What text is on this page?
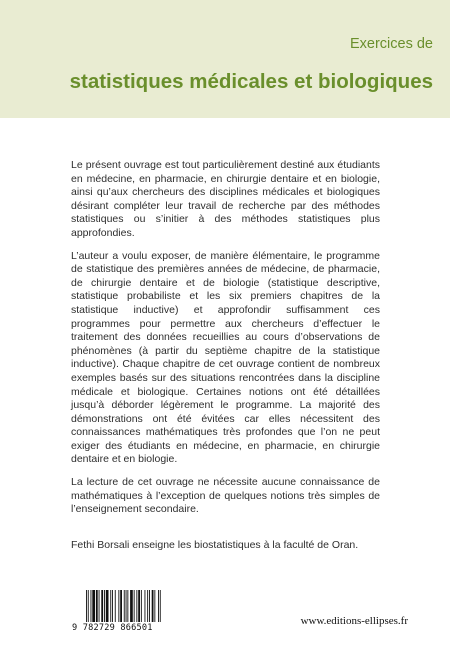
Exercices de
statistiques médicales et biologiques

Le présent ouvrage est tout particulièrement destiné aux étudiants en médecine, en pharmacie, en chirurgie dentaire et en biologie, ainsi qu’aux chercheurs des disciplines médicales et biologiques désirant compléter leur travail de recherche par des méthodes statistiques ou s’initier à des méthodes statistiques plus approfondies.

L’auteur a voulu exposer, de manière élémentaire, le programme de statistique des premières années de médecine, de pharmacie, de chirurgie dentaire et de biologie (statistique descriptive, statistique probabiliste et les six premiers chapitres de la statistique inductive) et approfondir suffisamment ces programmes pour permettre aux chercheurs d’effectuer le traitement des données recueillies au cours d’observations de phénomènes (à partir du septième chapitre de la statistique inductive). Chaque chapitre de cet ouvrage contient de nombreux exemples basés sur des situations rencontrées dans la discipline médicale et biologique. Certaines notions ont été détaillées jusqu’à déborder légèrement le programme. La majorité des démonstrations ont été évitées car elles nécessitent des connaissances mathématiques très profondes que l’on ne peut exiger des étudiants en médecine, en pharmacie, en chirurgie dentaire et en biologie.

La lecture de cet ouvrage ne nécessite aucune connaissance de mathématiques à l’exception de quelques notions très simples de l’enseignement secondaire.

Fethi Borsali enseigne les biostatistiques à la faculté de Oran.

9 782729 866501
www.editions-ellipses.fr
